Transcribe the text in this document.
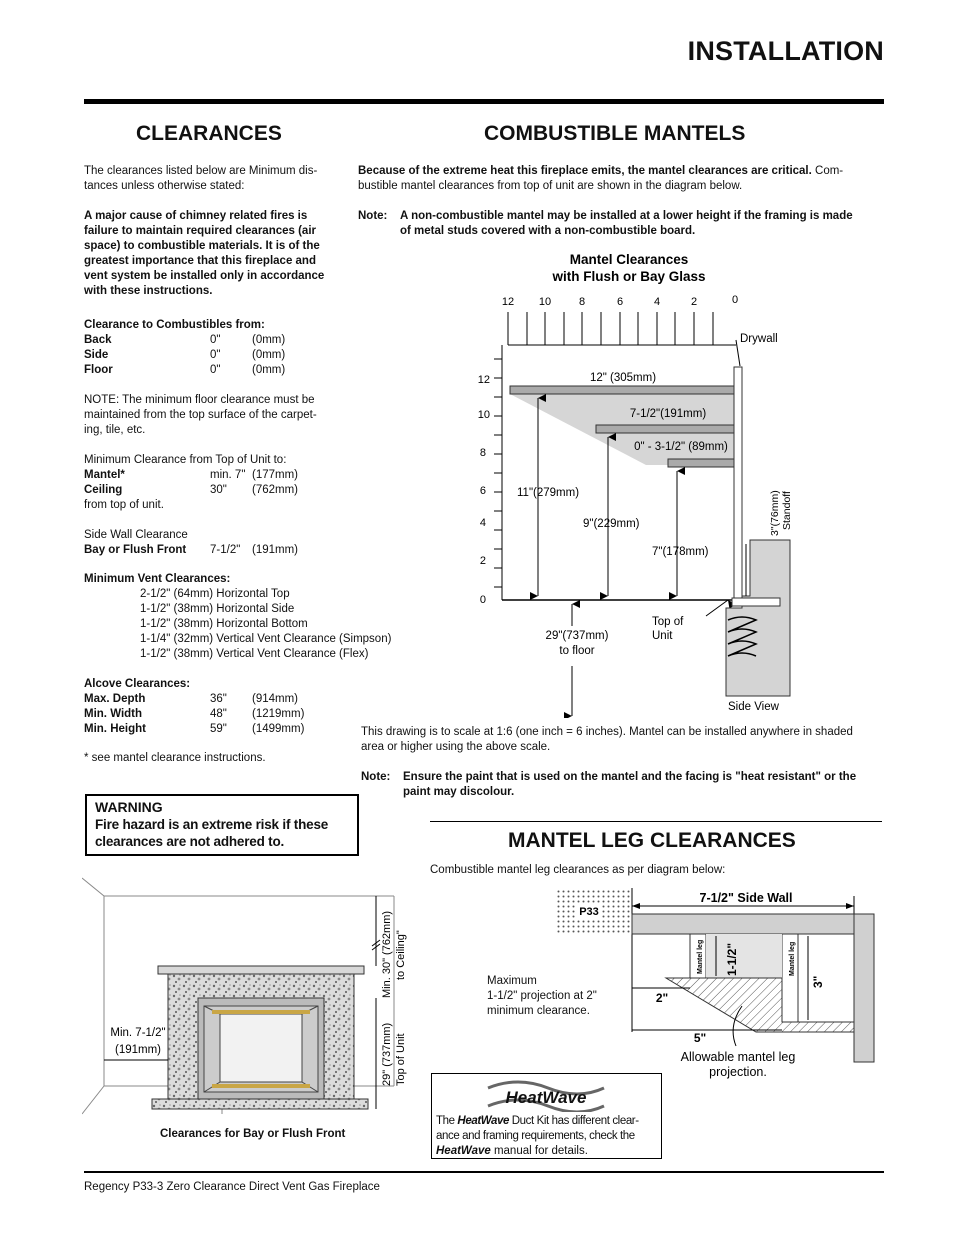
INSTALLATION
CLEARANCES
The clearances listed below are Minimum dis-
tances unless otherwise stated:
A major cause of chimney related fires is
failure to maintain required clearances (air
space) to combustible materials. It is of the
greatest importance that this fireplace and
vent system be installed only in accordance
with these instructions.
Clearance to Combustibles from:
Back	0"	(0mm)
Side	0"	(0mm)
Floor	0"	(0mm)
NOTE: The minimum floor clearance must be
maintained from the top surface of the carpet-
ing, tile, etc.
Minimum Clearance from Top of Unit to:
Mantel*	min. 7" (177mm)
Ceiling	30" (762mm)
from top of unit.
Side Wall Clearance
Bay or Flush Front 7-1/2" (191mm)
Minimum Vent Clearances:
2-1/2" (64mm) Horizontal Top
1-1/2" (38mm) Horizontal Side
1-1/2" (38mm) Horizontal Bottom
1-1/4" (32mm) Vertical Vent Clearance (Simpson)
1-1/2" (38mm) Vertical Vent Clearance (Flex)
Alcove Clearances:
Max. Depth	36" (914mm)
Min. Width	48" (1219mm)
Min. Height	59" (1499mm)
* see mantel clearance instructions.
WARNING
Fire hazard is an extreme risk if these
clearances are not adhered to.
Min. 7-1/2"
(191mm)
Min. 30" (762mm) to Ceiling"
29" (737mm) Top of Unit
Clearances for Bay or Flush Front
COMBUSTIBLE MANTELS
Because of the extreme heat this fireplace emits, the mantel clearances are critical. Com-
bustible mantel clearances from top of unit are shown in the diagram below.
Note: A non-combustible mantel may be installed at a lower height if the framing is made
of metal studs covered with a non-combustible board.
Mantel Clearances
with Flush or Bay Glass
12 10	8	6	4	2	0
12
10
8
6
4
2
0
12" (305mm)
7-1/2"(191mm)
0" - 3-1/2" (89mm)
Drywall
11"(279mm)
9"(229mm)
7"(178mm)
29"(737mm)
to floor
Top of
Unit
3"(76mm) Standoff
Side View
This drawing is to scale at 1:6 (one inch = 6 inches). Mantel can be installed anywhere in shaded
area or higher using the above scale.
Note: Ensure the paint that is used on the mantel and the facing is "heat resistant" or the
paint may discolour.
MANTEL LEG CLEARANCES
Combustible mantel leg clearances as per diagram below:
Maximum
1-1/2" projection at 2"
minimum clearance.
P33
7-1/2" Side Wall
Mantel leg	Mantel leg
1-1/2"
3"
2"
5"
Allowable mantel leg
projection.
HeatWave
The HeatWave Duct Kit has different clear-
ance and framing requirements, check the
HeatWave manual for details.
Regency P33-3 Zero Clearance Direct Vent Gas Fireplace
